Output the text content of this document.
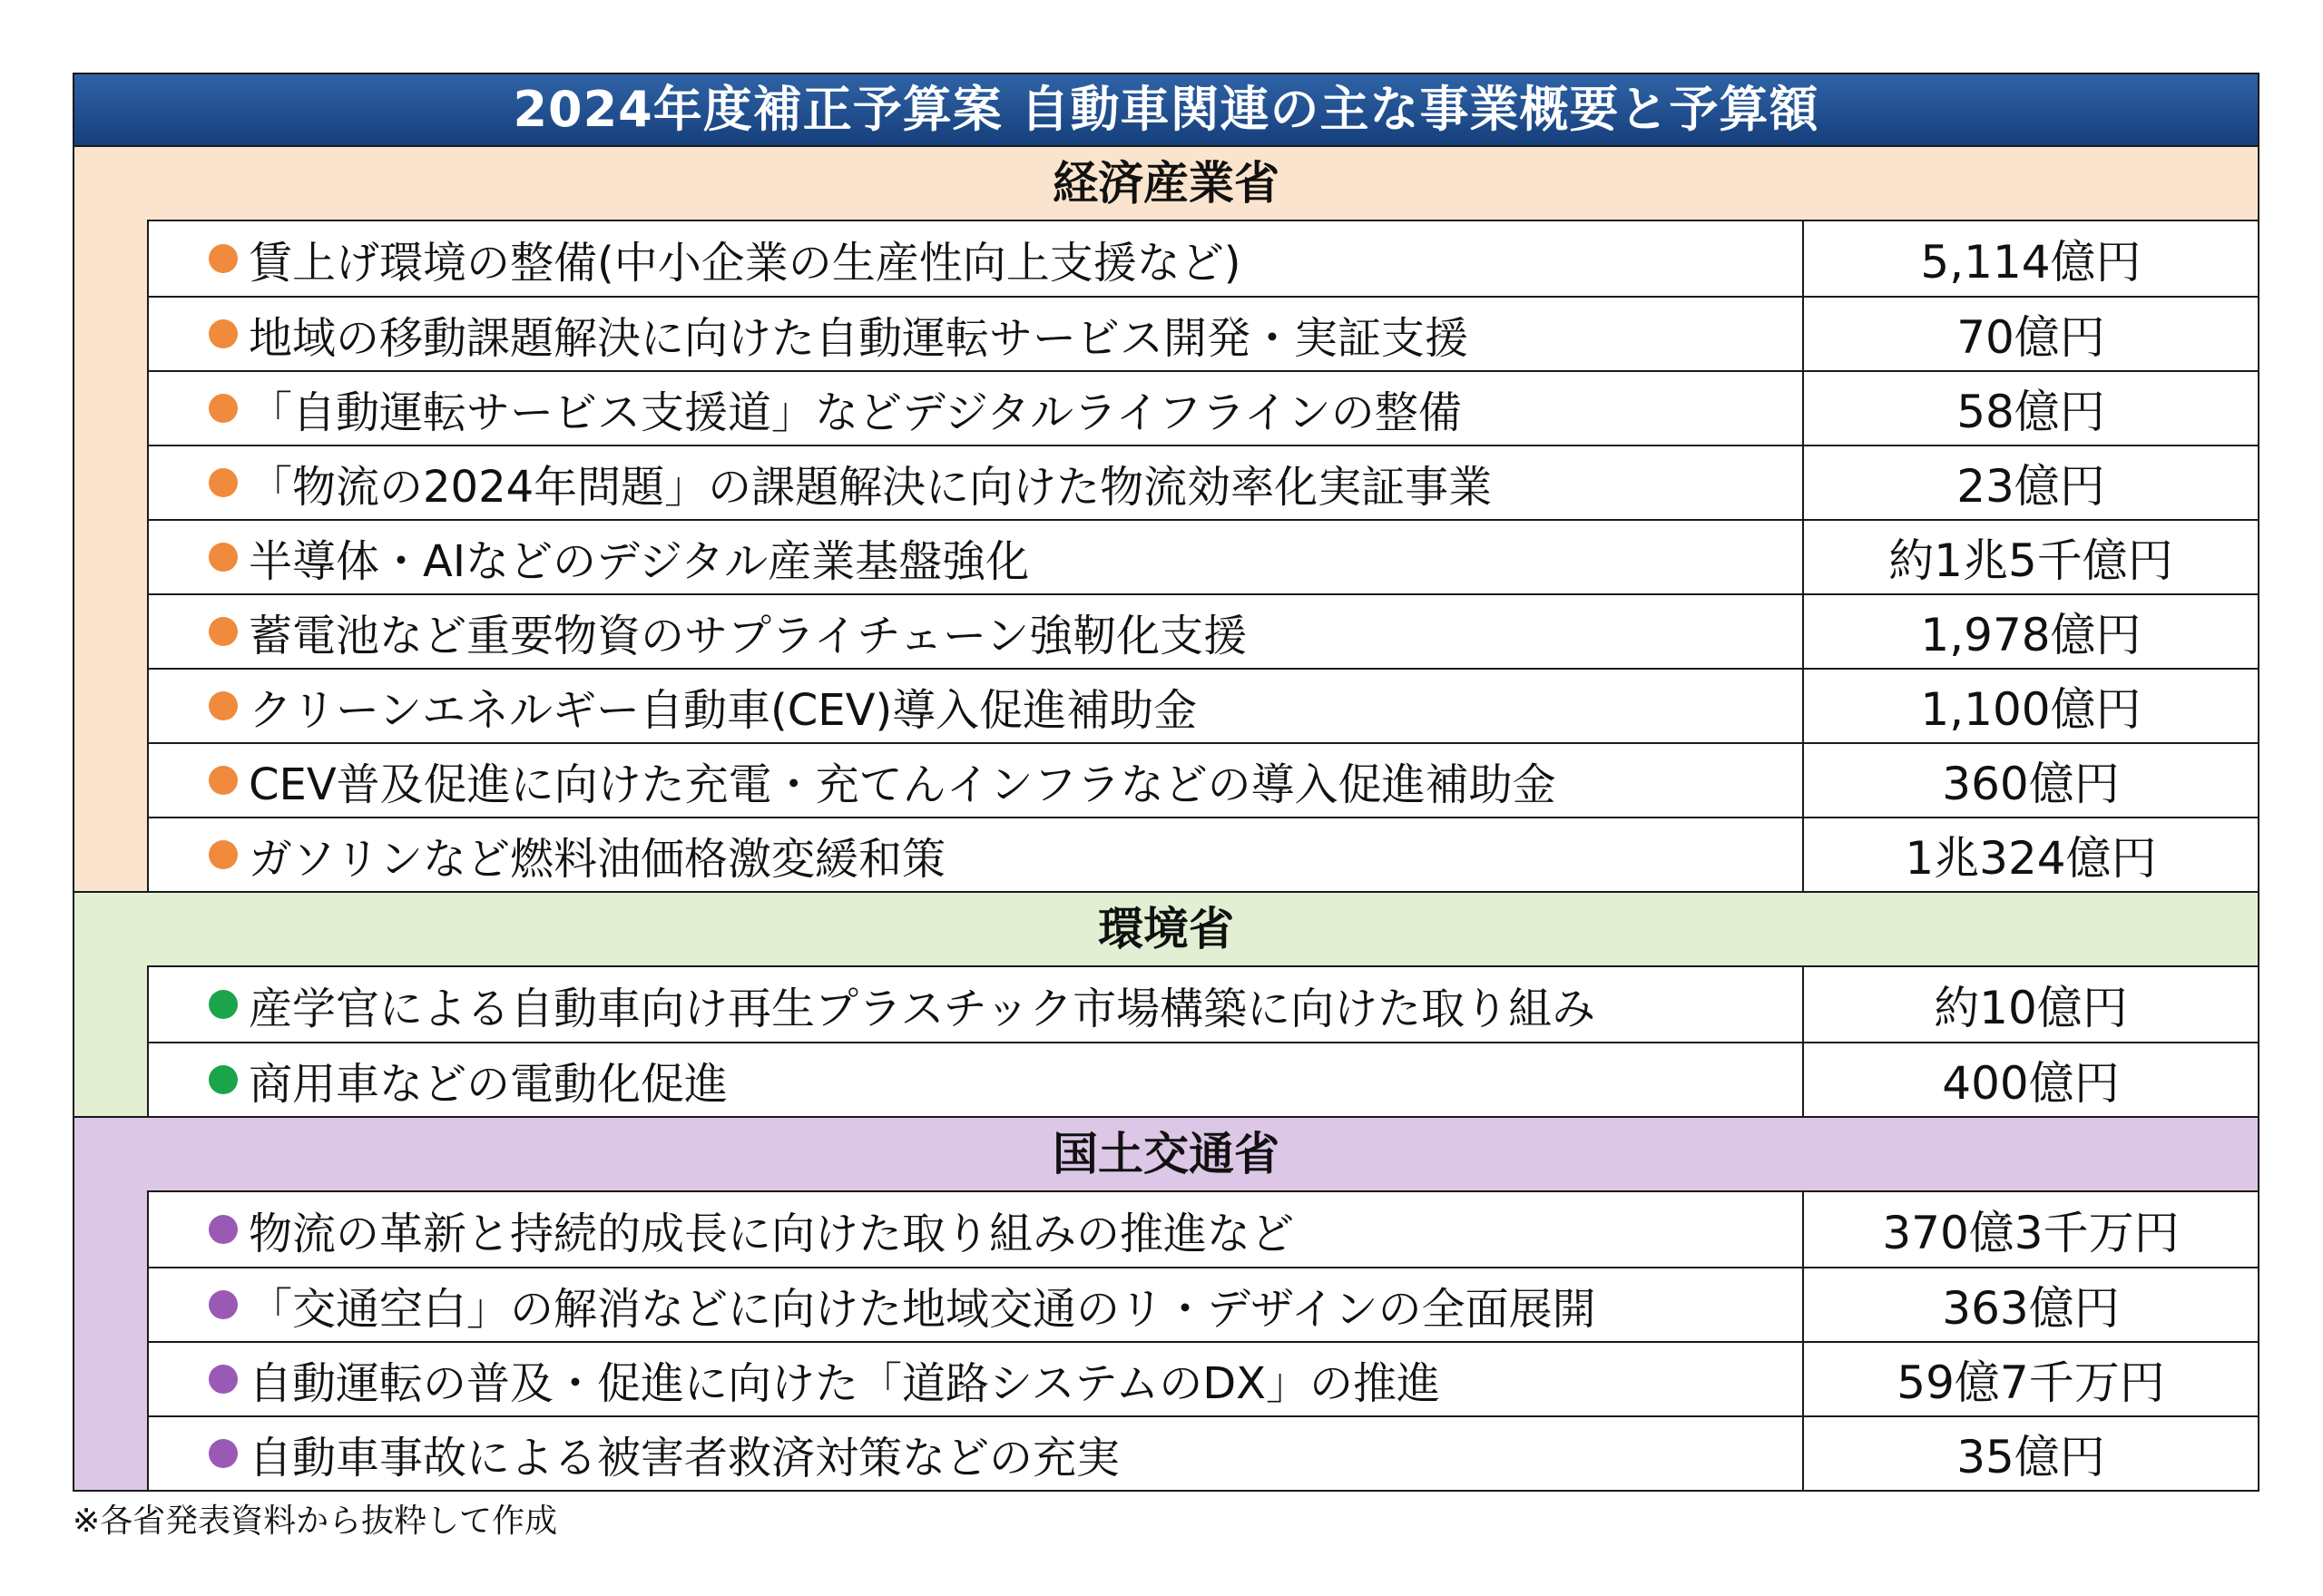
2024年度補正予算案 自動車関連の主な事業概要と予算額
経済産業省
賃上げ環境の整備(中小企業の生産性向上支援など)	5,114億円
地域の移動課題解決に向けた自動運転サービス開発・実証支援	70億円
「自動運転サービス支援道」などデジタルライフラインの整備	58億円
「物流の2024年問題」の課題解決に向けた物流効率化実証事業	23億円
半導体・AIなどのデジタル産業基盤強化	約1兆5千億円
蓄電池など重要物資のサプライチェーン強靭化支援	1,978億円
クリーンエネルギー自動車(CEV)導入促進補助金	1,100億円
CEV普及促進に向けた充電・充てんインフラなどの導入促進補助金	360億円
ガソリンなど燃料油価格激変緩和策	1兆324億円
環境省
産学官による自動車向け再生プラスチック市場構築に向けた取り組み	約10億円
商用車などの電動化促進	400億円
国土交通省
物流の革新と持続的成長に向けた取り組みの推進など	370億3千万円
「交通空白」の解消などに向けた地域交通のリ・デザインの全面展開	363億円
自動運転の普及・促進に向けた「道路システムのDX」の推進	59億7千万円
自動車事故による被害者救済対策などの充実	35億円
※各省発表資料から抜粋して作成
